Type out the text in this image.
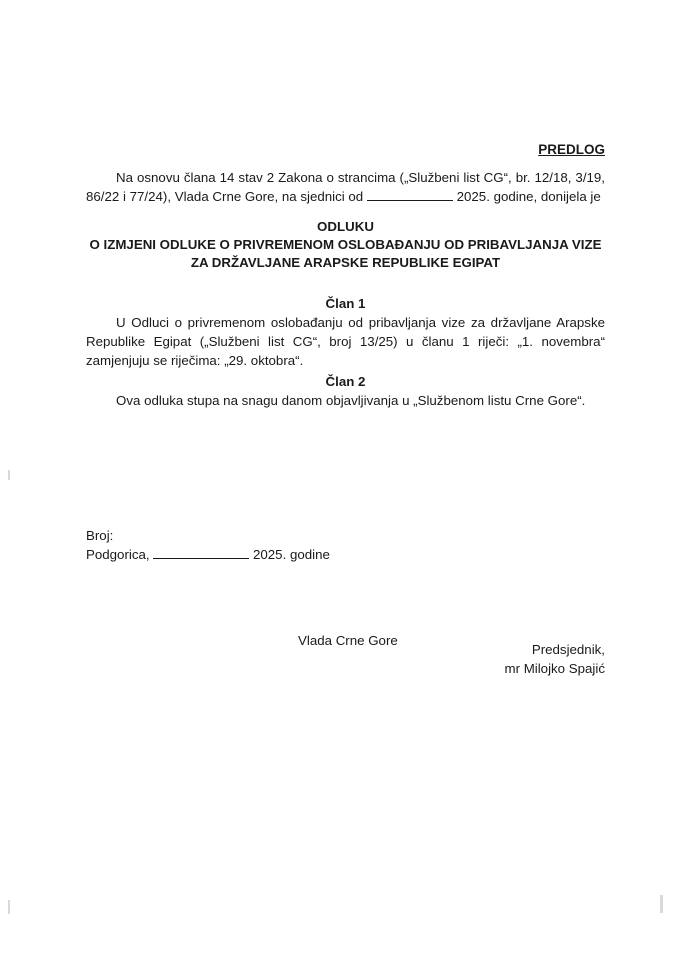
PREDLOG

Na osnovu člana 14 stav 2 Zakona o strancima („Službeni list CG“, br. 12/18, 3/19, 86/22 i 77/24), Vlada Crne Gore, na sjednici od	2025. godine, donijela je

ODLUKU
O IZMJENI ODLUKE O PRIVREMENOM OSLOBAĐANJU OD PRIBAVLJANJA VIZE
ZA DRŽAVLJANE ARAPSKE REPUBLIKE EGIPAT
Član 1
U Odluci o privremenom oslobađanju od pribavljanja vize za državljane Arapske Republike Egipat („Službeni list CG“, broj 13/25) u članu 1 riječi: „1. novembra“ zamjenjuju se riječima: „29. oktobra“.
Član 2
Ova odluka stupa na snagu danom objavljivanja u „Službenom listu Crne Gore“.
Broj:
Podgorica,	2025. godine
Vlada Crne Gore
Predsjednik,
mr Milojko Spajić
